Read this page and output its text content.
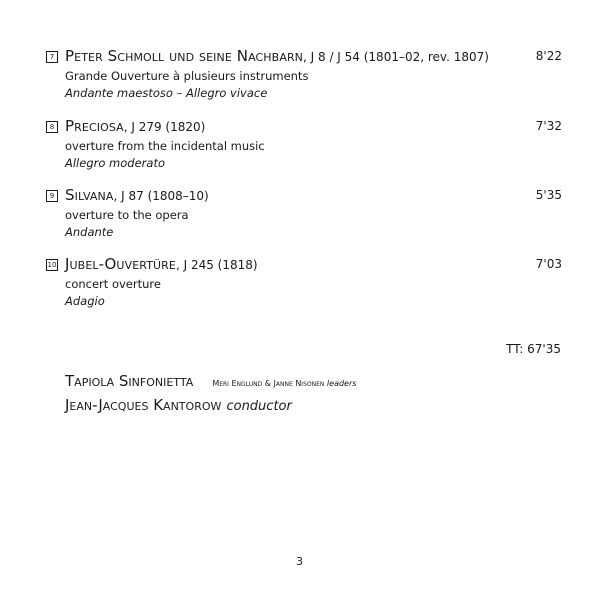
7 Peter Schmoll und seine Nachbarn, J 8 / J 54 (1801–02, rev. 1807)	8'22
Grande Ouverture à plusieurs instruments
Andante maestoso – Allegro vivace
8 Preciosa, J 279 (1820)	7'32
overture from the incidental music
Allegro moderato
9 Silvana, J 87 (1808–10)	5'35
overture to the opera
Andante
10 Jubel-Ouvertüre, J 245 (1818)	7'03
concert overture
Adagio
TT: 67'35
Tapiola Sinfonietta Meri Englund & Janne Nisonen leaders
Jean-Jacques Kantorow conductor
3
